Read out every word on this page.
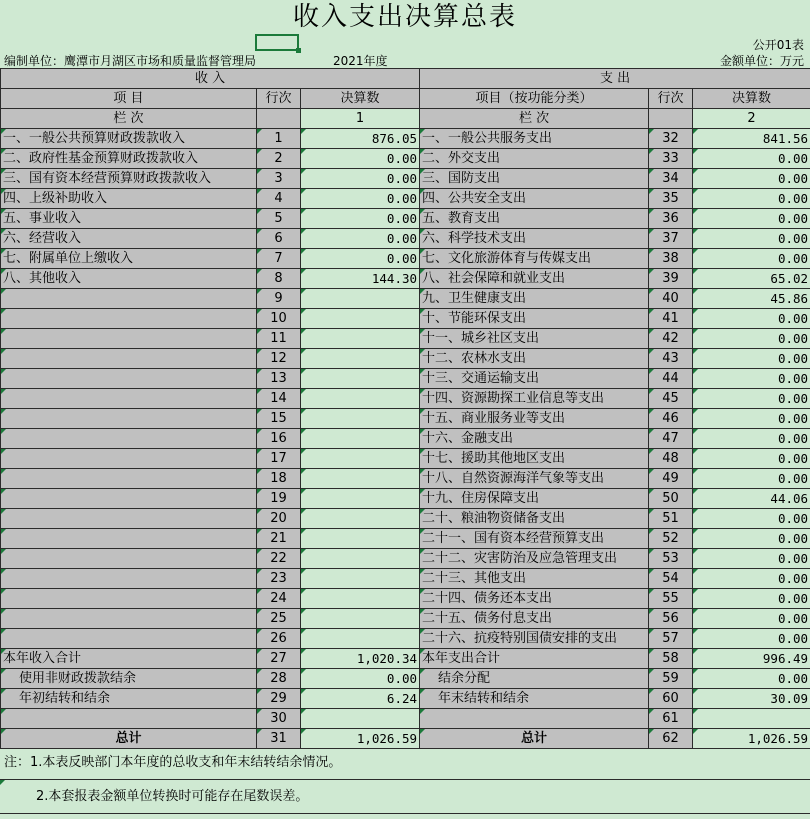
收入支出决算总表
公开01表
编制单位：鹰潭市月湖区市场和质量监督管理局	2021年度	金额单位：万元
收 入			支 出		
项 目	行次	决算数	项目（按功能分类）	行次	决算数
栏 次		1	栏 次		2
一、一般公共预算财政拨款收入	1	876.05	一、一般公共服务支出	32	841.56
二、政府性基金预算财政拨款收入	2	0.00	二、外交支出	33	0.00
三、国有资本经营预算财政拨款收入	3	0.00	三、国防支出	34	0.00
四、上级补助收入	4	0.00	四、公共安全支出	35	0.00
五、事业收入	5	0.00	五、教育支出	36	0.00
六、经营收入	6	0.00	六、科学技术支出	37	0.00
七、附属单位上缴收入	7	0.00	七、文化旅游体育与传媒支出	38	0.00
八、其他收入	8	144.30	八、社会保障和就业支出	39	65.02
	9		九、卫生健康支出	40	45.86
	10		十、节能环保支出	41	0.00
	11		十一、城乡社区支出	42	0.00
	12		十二、农林水支出	43	0.00
	13		十三、交通运输支出	44	0.00
	14		十四、资源勘探工业信息等支出	45	0.00
	15		十五、商业服务业等支出	46	0.00
	16		十六、金融支出	47	0.00
	17		十七、援助其他地区支出	48	0.00
	18		十八、自然资源海洋气象等支出	49	0.00
	19		十九、住房保障支出	50	44.06
	20		二十、粮油物资储备支出	51	0.00
	21		二十一、国有资本经营预算支出	52	0.00
	22		二十二、灾害防治及应急管理支出	53	0.00
	23		二十三、其他支出	54	0.00
	24		二十四、债务还本支出	55	0.00
	25		二十五、债务付息支出	56	0.00
	26		二十六、抗疫特别国债安排的支出	57	0.00
本年收入合计	27	1,020.34	本年支出合计	58	996.49
使用非财政拨款结余	28	0.00	结余分配	59	0.00
年初结转和结余	29	6.24	年末结转和结余	60	30.09
	30			61	
总计	31	1,026.59	总计	62	1,026.59
注：1.本表反映部门本年度的总收支和年末结转结余情况。
2.本套报表金额单位转换时可能存在尾数误差。
